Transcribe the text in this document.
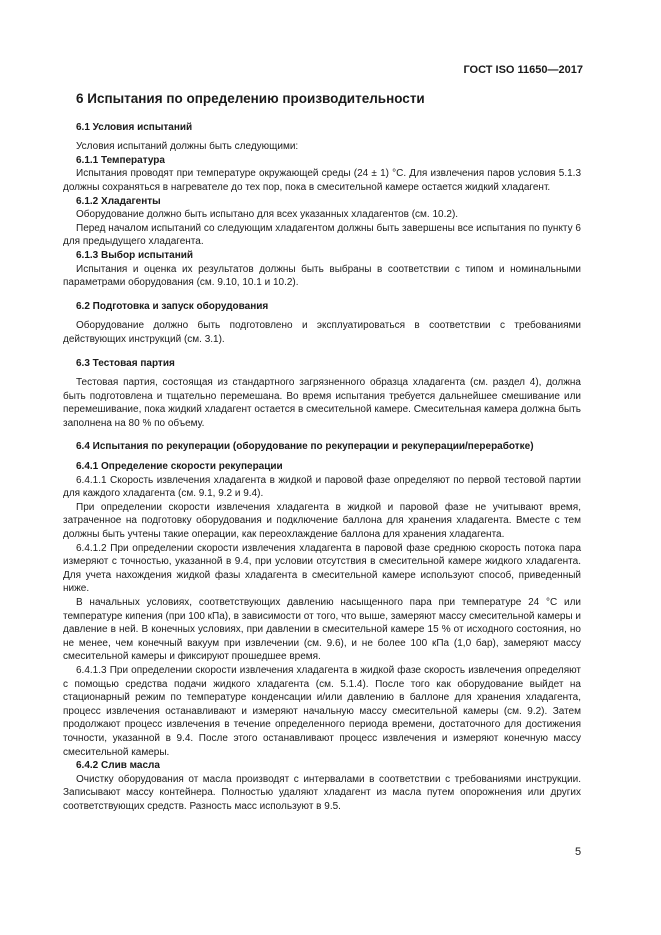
ГОСТ ISO 11650—2017
6 Испытания по определению производительности
6.1 Условия испытаний

Условия испытаний должны быть следующими:

6.1.1 Температура

Испытания проводят при температуре окружающей среды (24 ± 1) °С. Для извлечения паров условия 5.1.3 должны сохраняться в нагревателе до тех пор, пока в смесительной камере остается жидкий хладагент.

6.1.2 Хладагенты

Оборудование должно быть испытано для всех указанных хладагентов (см. 10.2).

Перед началом испытаний со следующим хладагентом должны быть завершены все испытания по пункту 6 для предыдущего хладагента.

6.1.3 Выбор испытаний

Испытания и оценка их результатов должны быть выбраны в соответствии с типом и номинальными параметрами оборудования (см. 9.10, 10.1 и 10.2).

6.2 Подготовка и запуск оборудования

Оборудование должно быть подготовлено и эксплуатироваться в соответствии с требованиями действующих инструкций (см. 3.1).

6.3 Тестовая партия

Тестовая партия, состоящая из стандартного загрязненного образца хладагента (см. раздел 4), должна быть подготовлена и тщательно перемешана. Во время испытания требуется дальнейшее смешивание или перемешивание, пока жидкий хладагент остается в смесительной камере. Смесительная камера должна быть заполнена на 80 % по объему.

6.4 Испытания по рекуперации (оборудование по рекуперации и рекуперации/переработке)
6.4.1 Определение скорости рекуперации

6.4.1.1 Скорость извлечения хладагента в жидкой и паровой фазе определяют по первой тестовой партии для каждого хладагента (см. 9.1, 9.2 и 9.4).

При определении скорости извлечения хладагента в жидкой и паровой фазе не учитывают время, затраченное на подготовку оборудования и подключение баллона для хранения хладагента. Вместе с тем должны быть учтены такие операции, как переохлаждение баллона для хранения хладагента.

6.4.1.2 При определении скорости извлечения хладагента в паровой фазе среднюю скорость потока пара измеряют с точностью, указанной в 9.4, при условии отсутствия в смесительной камере жидкого хладагента. Для учета нахождения жидкой фазы хладагента в смесительной камере используют способ, приведенный ниже.

В начальных условиях, соответствующих давлению насыщенного пара при температуре 24 °С или температуре кипения (при 100 кПа), в зависимости от того, что выше, замеряют массу смесительной камеры и давление в ней. В конечных условиях, при давлении в смесительной камере 15 % от исходного состояния, но не менее, чем конечный вакуум при извлечении (см. 9.6), и не более 100 кПа (1,0 бар), замеряют массу смесительной камеры и фиксируют прошедшее время.

6.4.1.3 При определении скорости извлечения хладагента в жидкой фазе скорость извлечения определяют с помощью средства подачи жидкого хладагента (см. 5.1.4). После того как оборудование выйдет на стационарный режим по температуре конденсации и/или давлению в баллоне для хранения хладагента, процесс извлечения останавливают и измеряют начальную массу смесительной камеры (см. 9.2). Затем продолжают процесс извлечения в течение определенного периода времени, достаточного для достижения точности, указанной в 9.4. После этого останавливают процесс извлечения и измеряют конечную массу смесительной камеры.

6.4.2 Слив масла

Очистку оборудования от масла производят с интервалами в соответствии с требованиями инструкции. Записывают массу контейнера. Полностью удаляют хладагент из масла путем опорожнения или других соответствующих средств. Разность масс используют в 9.5.

5
